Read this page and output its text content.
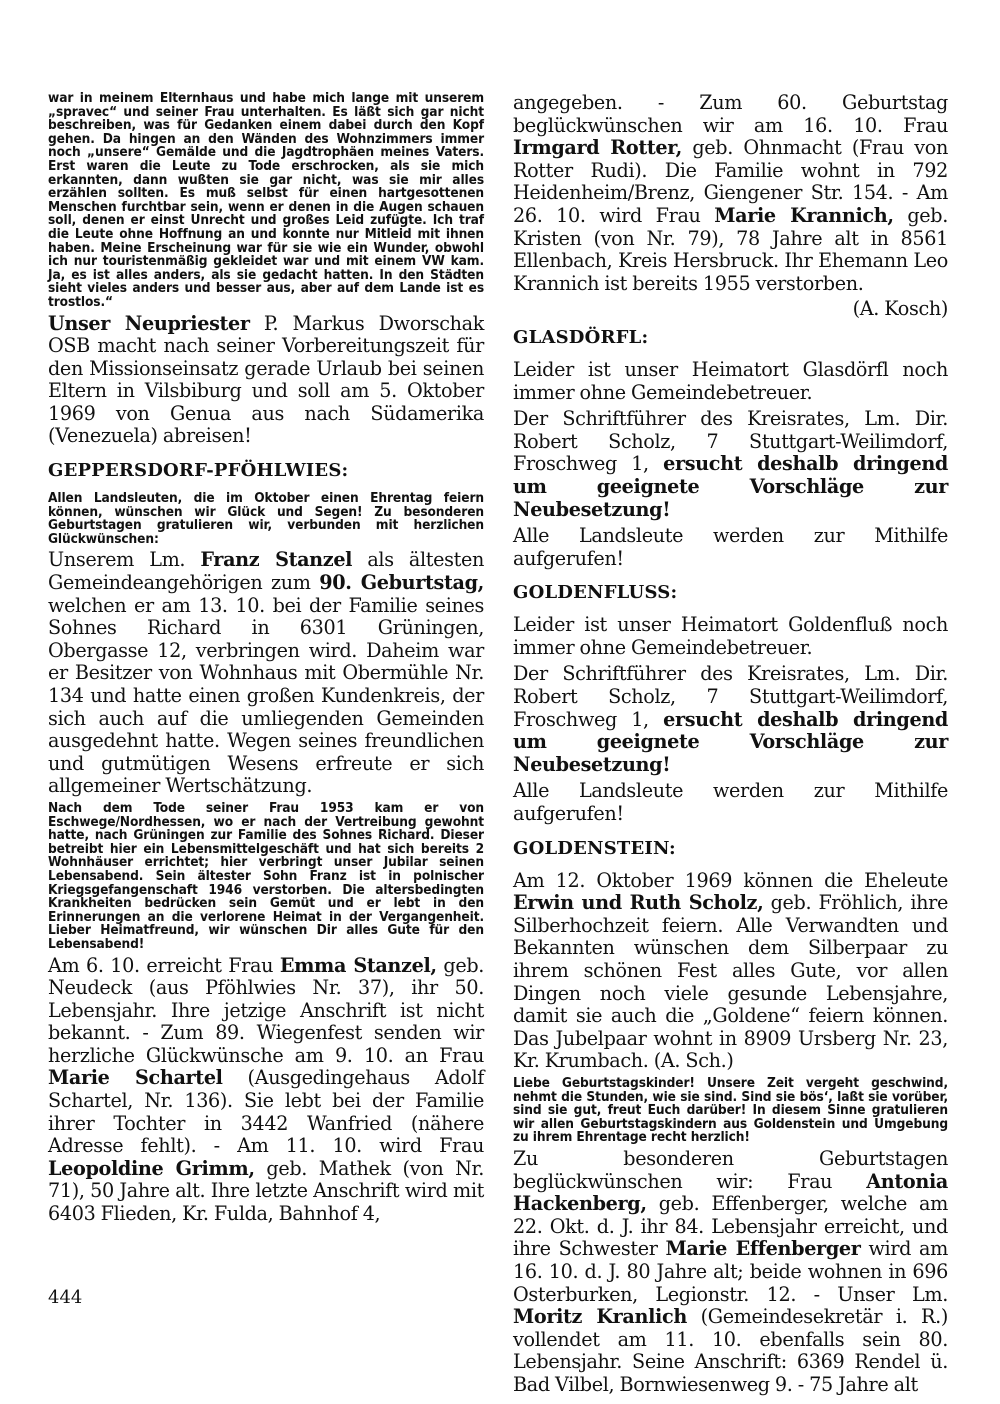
war in meinem Elternhaus und habe mich lange mit unserem „spravec“ und seiner Frau unterhalten. Es läßt sich gar nicht beschreiben, was für Gedanken einem dabei durch den Kopf gehen. Da hingen an den Wänden des Wohnzimmers immer noch „unsere“ Gemälde und die Jagdtrophäen meines Vaters. Erst waren die Leute zu Tode erschrocken, als sie mich erkannten, dann wußten sie gar nicht, was sie mir alles erzählen sollten. Es muß selbst für einen hartgesottenen Menschen furchtbar sein, wenn er denen in die Augen schauen soll, denen er einst Unrecht und großes Leid zufügte. Ich traf die Leute ohne Hoffnung an und konnte nur Mitleid mit ihnen haben. Meine Erscheinung war für sie wie ein Wunder, obwohl ich nur touristenmäßig gekleidet war und mit einem VW kam. Ja, es ist alles anders, als sie gedacht hatten. In den Städten sieht vieles anders und besser aus, aber auf dem Lande ist es trostlos.“

Unser Neupriester P. Markus Dworschak OSB macht nach seiner Vorbereitungszeit für den Missionseinsatz gerade Urlaub bei seinen Eltern in Vilsbiburg und soll am 5. Oktober 1969 von Genua aus nach Südamerika (Venezuela) abreisen!

GEPPERSDORF-PFÖHLWIES:

Allen Landsleuten, die im Oktober einen Ehrentag feiern können, wünschen wir Glück und Segen! Zu besonderen Geburtstagen gratulieren wir, verbunden mit herzlichen Glückwünschen:

Unserem Lm. Franz Stanzel als ältesten Gemeindeangehörigen zum 90. Geburtstag, welchen er am 13. 10. bei der Familie seines Sohnes Richard in 6301 Grüningen, Obergasse 12, verbringen wird. Daheim war er Besitzer von Wohnhaus mit Obermühle Nr. 134 und hatte einen großen Kundenkreis, der sich auch auf die umliegenden Gemeinden ausgedehnt hatte. Wegen seines freundlichen und gutmütigen Wesens erfreute er sich allgemeiner Wertschätzung.

Nach dem Tode seiner Frau 1953 kam er von Eschwege/Nordhessen, wo er nach der Vertreibung gewohnt hatte, nach Grüningen zur Familie des Sohnes Richard. Dieser betreibt hier ein Lebensmittelgeschäft und hat sich bereits 2 Wohnhäuser errichtet; hier verbringt unser Jubilar seinen Lebensabend. Sein ältester Sohn Franz ist in polnischer Kriegsgefangenschaft 1946 verstorben. Die altersbedingten Krankheiten bedrücken sein Gemüt und er lebt in den Erinnerungen an die verlorene Heimat in der Vergangenheit. Lieber Heimatfreund, wir wünschen Dir alles Gute für den Lebensabend!

Am 6. 10. erreicht Frau Emma Stanzel, geb. Neudeck (aus Pföhlwies Nr. 37), ihr 50. Lebensjahr. Ihre jetzige Anschrift ist nicht bekannt. - Zum 89. Wiegenfest senden wir herzliche Glückwünsche am 9. 10. an Frau Marie Schartel (Ausgedingehaus Adolf Schartel, Nr. 136). Sie lebt bei der Familie ihrer Tochter in 3442 Wanfried (nähere Adresse fehlt). - Am 11. 10. wird Frau Leopoldine Grimm, geb. Mathek (von Nr. 71), 50 Jahre alt. Ihre letzte Anschrift wird mit 6403 Flieden, Kr. Fulda, Bahnhof 4,

angegeben. - Zum 60. Geburtstag beglückwünschen wir am 16. 10. Frau Irmgard Rotter, geb. Ohnmacht (Frau von Rotter Rudi). Die Familie wohnt in 792 Heidenheim/Brenz, Giengener Str. 154. - Am 26. 10. wird Frau Marie Krannich, geb. Kristen (von Nr. 79), 78 Jahre alt in 8561 Ellenbach, Kreis Hersbruck. Ihr Ehemann Leo Krannich ist bereits 1955 verstorben.

(A. Kosch)

GLASDÖRFL:

Leider ist unser Heimatort Glasdörfl noch immer ohne Gemeindebetreuer.

Der Schriftführer des Kreisrates, Lm. Dir. Robert Scholz, 7 Stuttgart-Weilimdorf, Froschweg 1, ersucht deshalb dringend um geeignete Vorschläge zur Neubesetzung!

Alle Landsleute werden zur Mithilfe aufgerufen!

GOLDENFLUSS:

Leider ist unser Heimatort Goldenfluß noch immer ohne Gemeindebetreuer.

Der Schriftführer des Kreisrates, Lm. Dir. Robert Scholz, 7 Stuttgart-Weilimdorf, Froschweg 1, ersucht deshalb dringend um geeignete Vorschläge zur Neubesetzung!

Alle Landsleute werden zur Mithilfe aufgerufen!

GOLDENSTEIN:

Am 12. Oktober 1969 können die Eheleute Erwin und Ruth Scholz, geb. Fröhlich, ihre Silberhochzeit feiern. Alle Verwandten und Bekannten wünschen dem Silberpaar zu ihrem schönen Fest alles Gute, vor allen Dingen noch viele gesunde Lebensjahre, damit sie auch die „Goldene“ feiern können. Das Jubelpaar wohnt in 8909 Ursberg Nr. 23, Kr. Krumbach. (A. Sch.)

Liebe Geburtstagskinder! Unsere Zeit vergeht geschwind, nehmt die Stunden, wie sie sind. Sind sie bös‘, laßt sie vorüber, sind sie gut, freut Euch darüber! In diesem Sinne gratulieren wir allen Geburtstagskindern aus Goldenstein und Umgebung zu ihrem Ehrentage recht herzlich!

Zu besonderen Geburtstagen beglückwünschen wir: Frau Antonia Hackenberg, geb. Effenberger, welche am 22. Okt. d. J. ihr 84. Lebensjahr erreicht, und ihre Schwester Marie Effenberger wird am 16. 10. d. J. 80 Jahre alt; beide wohnen in 696 Osterburken, Legionstr. 12. - Unser Lm. Moritz Kranlich (Gemeindesekretär i. R.) vollendet am 11. 10. ebenfalls sein 80. Lebensjahr. Seine Anschrift: 6369 Rendel ü. Bad Vilbel, Bornwiesenweg 9. - 75 Jahre alt

444
